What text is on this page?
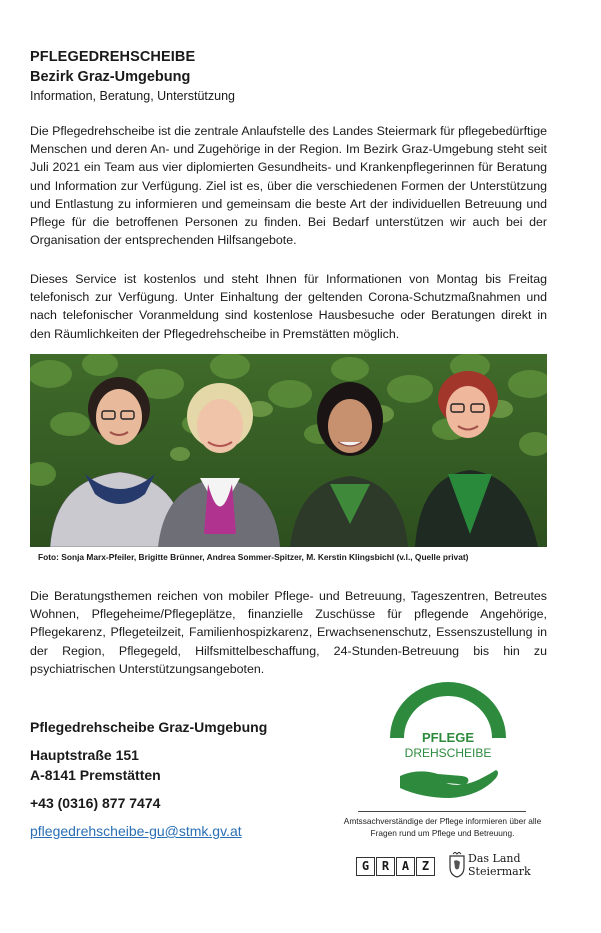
PFLEGEDREHSCHEIBE
Bezirk Graz-Umgebung
Information, Beratung, Unterstützung

Die Pflegedrehscheibe ist die zentrale Anlaufstelle des Landes Steiermark für pflegebedürftige Menschen und deren An- und Zugehörige in der Region. Im Bezirk Graz-Umgebung steht seit Juli 2021 ein Team aus vier diplomierten Gesundheits- und Krankenpflegerinnen für Beratung und Information zur Verfügung. Ziel ist es, über die verschiedenen Formen der Unterstützung und Entlastung zu informieren und gemeinsam die beste Art der individuellen Betreuung und Pflege für die betroffenen Personen zu finden. Bei Bedarf unterstützen wir auch bei der Organisation der entsprechenden Hilfsangebote.

Dieses Service ist kostenlos und steht Ihnen für Informationen von Montag bis Freitag telefonisch zur Verfügung. Unter Einhaltung der geltenden Corona-Schutzmaßnahmen und nach telefonischer Voranmeldung sind kostenlose Hausbesuche oder Beratungen direkt in den Räumlichkeiten der Pflegedrehscheibe in Premstätten möglich.

Foto: Sonja Marx-Pfeiler, Brigitte Brünner, Andrea Sommer-Spitzer, M. Kerstin Klingsbichl (v.l., Quelle privat)

Die Beratungsthemen reichen von mobiler Pflege- und Betreuung, Tageszentren, Betreutes Wohnen, Pflegeheime/Pflegeplätze, finanzielle Zuschüsse für pflegende Angehörige, Pflegekarenz, Pflegeteilzeit, Familienhospizkarenz, Erwachsenenschutz, Essenszustellung in der Region, Pflegegeld, Hilfsmittelbeschaffung, 24-Stunden-Betreuung bis hin zu psychiatrischen Unterstützungsangeboten.

Pflegedrehscheibe Graz-Umgebung
Hauptstraße 151
A-8141 Premstätten
+43 (0316) 877 7474
pflegedrehscheibe-gu@stmk.gv.at
PFLEGE
DREHSCHEIBE
Amtssachverständige der Pflege informieren über alle Fragen rund um Pflege und Betreuung.
G	R	A	Z
Das Land
Steiermark
